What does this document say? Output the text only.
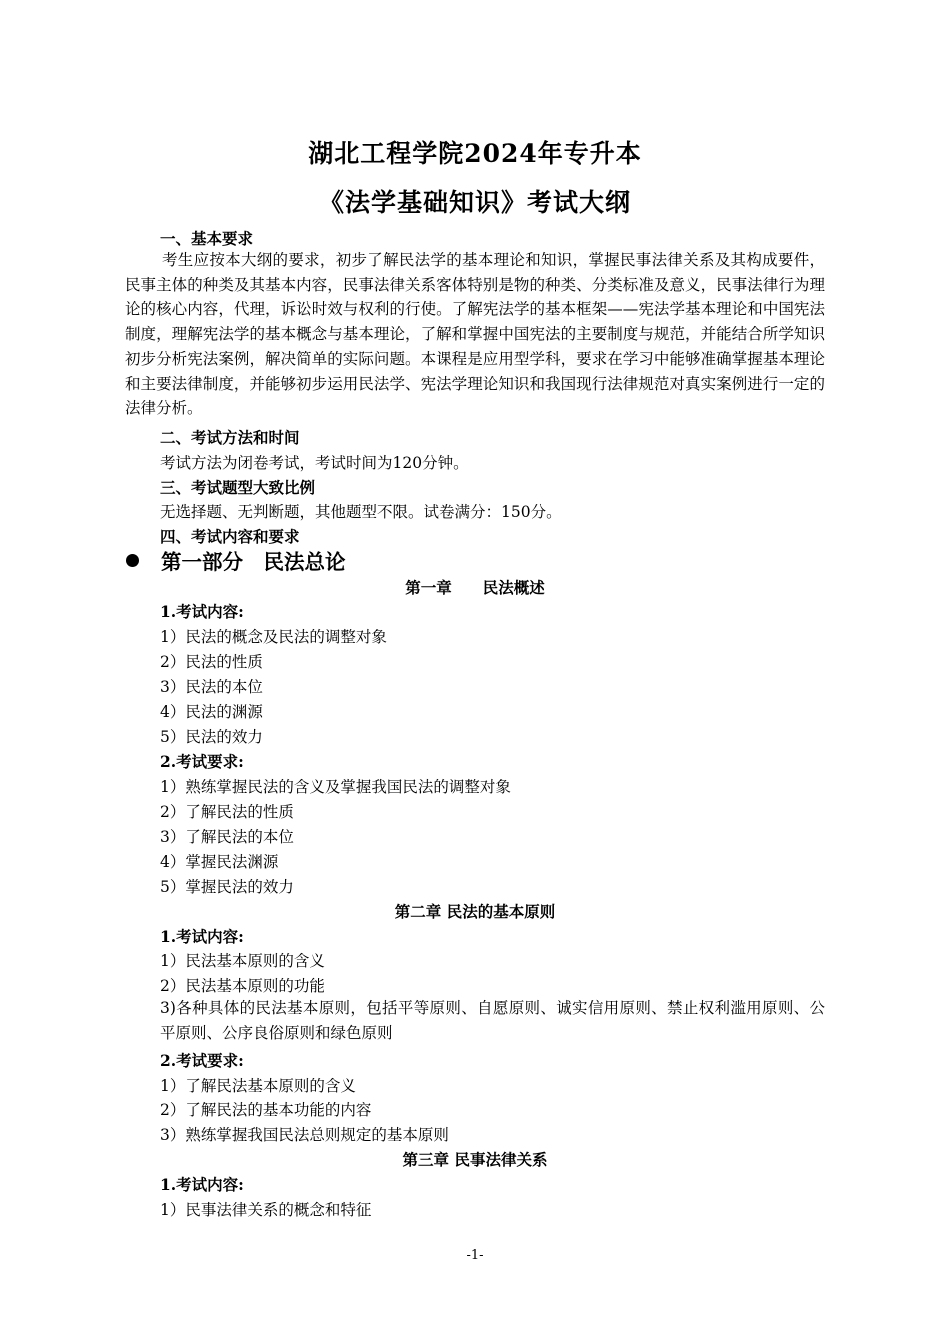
湖北工程学院2024年专升本
《法学基础知识》考试大纲
一、基本要求

考生应按本大纲的要求，初步了解民法学的基本理论和知识，掌握民事法律关系及其构成要件，民事主体的种类及其基本内容，民事法律关系客体特别是物的种类、分类标准及意义，民事法律行为理论的核心内容，代理，诉讼时效与权利的行使。了解宪法学的基本框架——宪法学基本理论和中国宪法制度，理解宪法学的基本概念与基本理论，了解和掌握中国宪法的主要制度与规范，并能结合所学知识初步分析宪法案例，解决简单的实际问题。本课程是应用型学科，要求在学习中能够准确掌握基本理论和主要法律制度，并能够初步运用民法学、宪法学理论知识和我国现行法律规范对真实案例进行一定的法律分析。

二、考试方法和时间
考试方法为闭卷考试，考试时间为120分钟。
三、考试题型大致比例
无选择题、无判断题，其他题型不限。试卷满分：150分。
四、考试内容和要求
第一部分　民法总论
第一章　　民法概述
1.考试内容:
1）民法的概念及民法的调整对象
2）民法的性质
3）民法的本位
4）民法的渊源
5）民法的效力
2.考试要求:
1）熟练掌握民法的含义及掌握我国民法的调整对象
2）了解民法的性质
3）了解民法的本位
4）掌握民法渊源
5）掌握民法的效力
第二章 民法的基本原则
1.考试内容:
1）民法基本原则的含义
2）民法基本原则的功能

3)各种具体的民法基本原则，包括平等原则、自愿原则、诚实信用原则、禁止权利滥用原则、公平原则、公序良俗原则和绿色原则

2.考试要求:
1）了解民法基本原则的含义
2）了解民法的基本功能的内容
3）熟练掌握我国民法总则规定的基本原则
第三章 民事法律关系
1.考试内容:
1）民事法律关系的概念和特征
-1-
